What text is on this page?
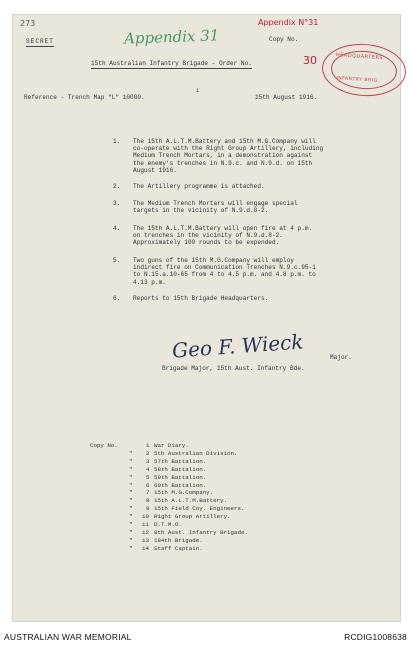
273
SECRET	Appendix 31
Appendix N°31
Copy No.
HEADQUARTERS
INFANTRY BRIG.
15th Australian Infantry Brigade - Order No.	30
1
Reference - Trench Map "L" 10000.	15th August 1916.
1. The 15th A.L.T.M.Battery and 15th M.G.Company will
co-operate with the Right Group Artillery, including
Medium Trench Mortars, in a demonstration against
the enemy's trenches in N.9.c. and N.9.d. on 15th
August 1916.
2. The Artillery programme is attached.
3. The Medium Trench Mortars will engage special
targets in the vicinity of N.9.d.8-2.
4. The 15th A.L.T.M.Battery will open fire at 4 p.m.
on trenches in the vicinity of N.9.d.8-2.
Approximately 100 rounds to be expended.
5. Two guns of the 15th M.G.Company will employ
indirect fire on Communication Trenches N.9.c.95-1
to N.15.a.10-65 from 4 to 4.5 p.m. and 4.8 p.m. to
4.13 p.m.
6. Reports to 15th Brigade Headquarters.
Geo F. Wieck	Major.
Brigade Major, 15th Aust. Infantry Bde.
Copy No.	1 War Diary.
" 2 5th Australian Division.
" 3 57th Battalion.
" 4 58th Battalion.
" 5 59th Battalion.
" 6 60th Battalion.
" 7 15th M.G.Company.
" 8 15th A.L.T.M.Battery.
" 9 15th Field Coy. Engineers.
" 10 Right Group Artillery.
" 11 D.T.M.O.
" 12 8th Aust. Infantry Brigade.
" 13 184th Brigade.
" 14 Staff Captain.
AUSTRALIAN WAR MEMORIAL	RCDIG1008638
